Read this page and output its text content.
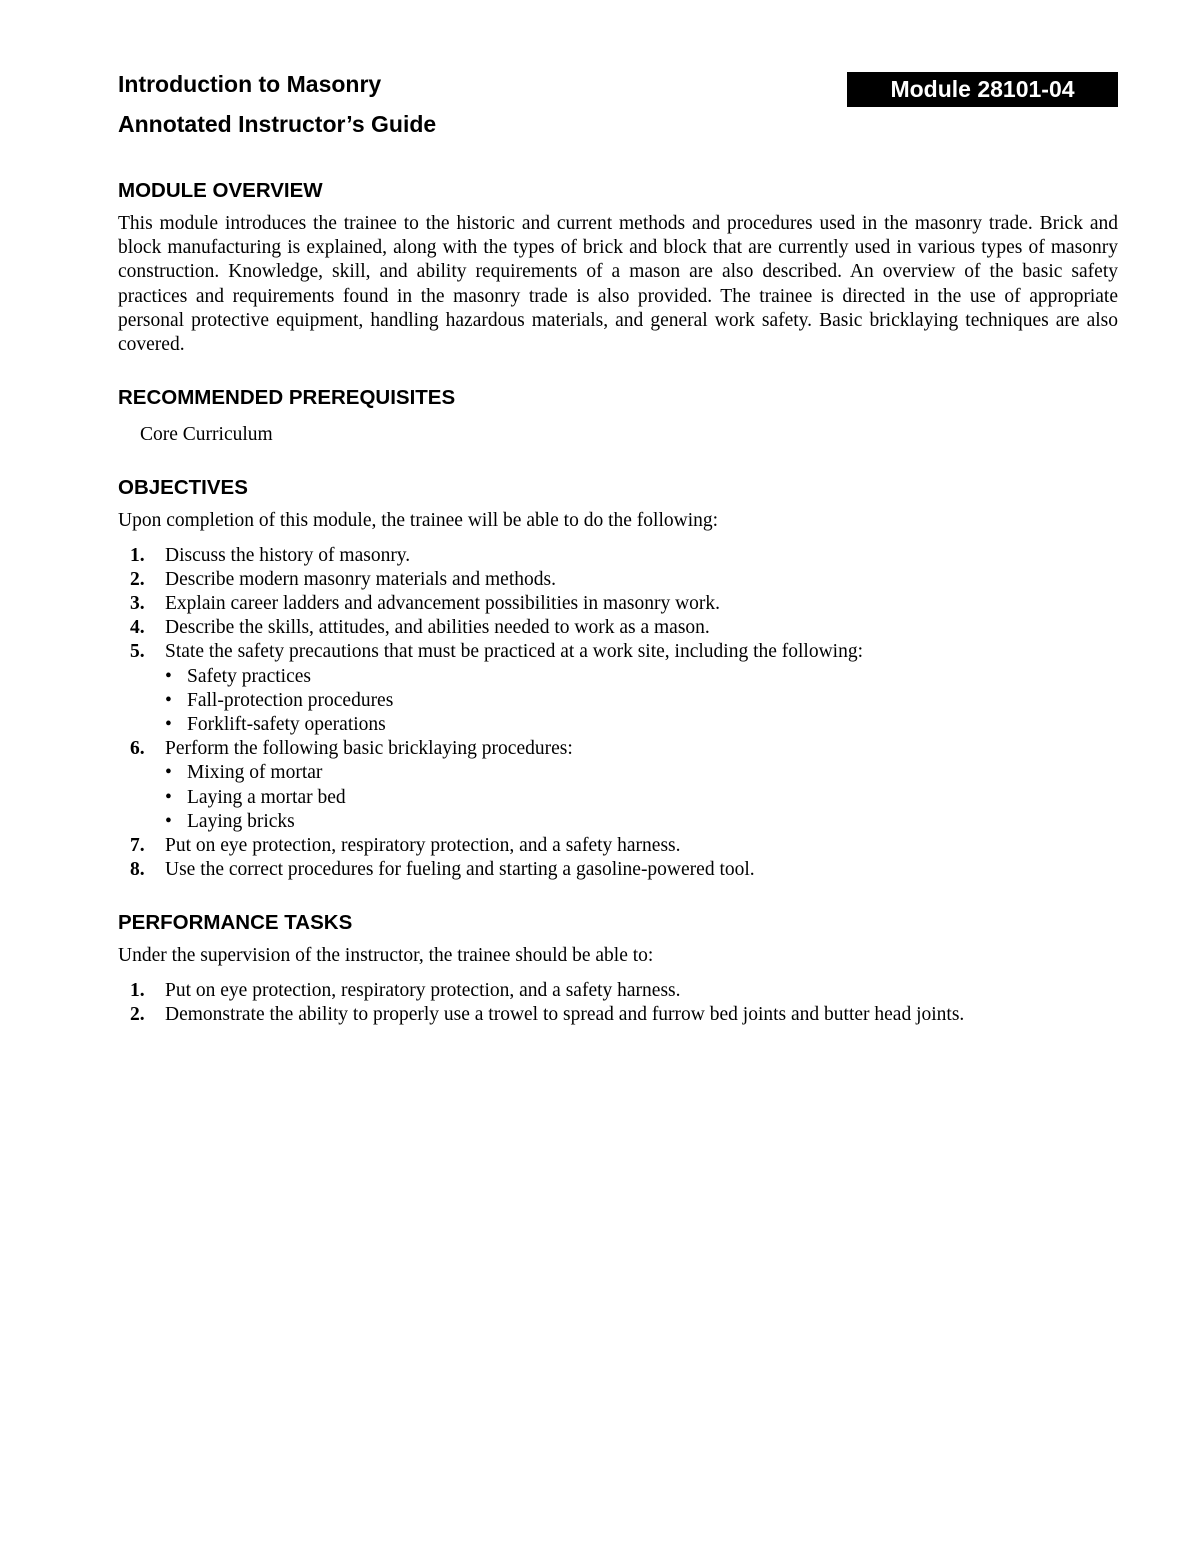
Introduction to Masonry

Annotated Instructor’s Guide

Module 28101-04
MODULE OVERVIEW

This module introduces the trainee to the historic and current methods and procedures used in the masonry trade. Brick and block manufacturing is explained, along with the types of brick and block that are currently used in various types of masonry construction. Knowledge, skill, and ability requirements of a mason are also described. An overview of the basic safety practices and requirements found in the masonry trade is also provided. The trainee is directed in the use of appropriate personal protective equipment, handling hazardous materials, and general work safety. Basic bricklaying techniques are also covered.

RECOMMENDED PREREQUISITES

Core Curriculum

OBJECTIVES

Upon completion of this module, the trainee will be able to do the following:

1. Discuss the history of masonry.
2. Describe modern masonry materials and methods.
3. Explain career ladders and advancement possibilities in masonry work.
4. Describe the skills, attitudes, and abilities needed to work as a mason.
5. State the safety precautions that must be practiced at a work site, including the following:
• Safety practices
• Fall-protection procedures
• Forklift-safety operations
6. Perform the following basic bricklaying procedures:
• Mixing of mortar
• Laying a mortar bed
• Laying bricks
7. Put on eye protection, respiratory protection, and a safety harness.
8. Use the correct procedures for fueling and starting a gasoline-powered tool.
PERFORMANCE TASKS

Under the supervision of the instructor, the trainee should be able to:

1. Put on eye protection, respiratory protection, and a safety harness.
2. Demonstrate the ability to properly use a trowel to spread and furrow bed joints and butter head joints.
